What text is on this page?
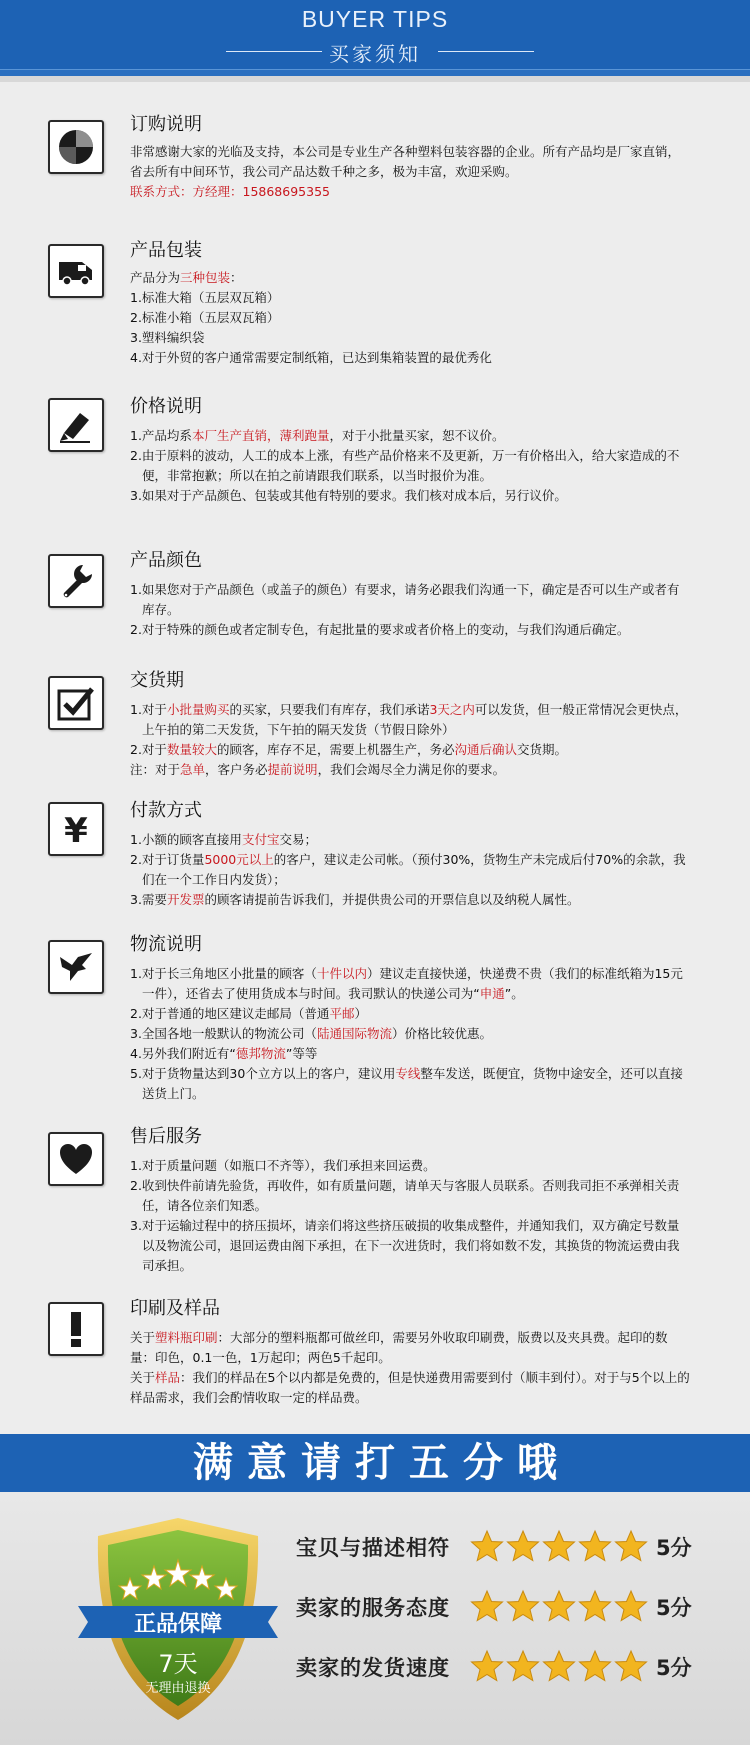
BUYER TIPS
买家须知
订购说明

非常感谢大家的光临及支持，本公司是专业生产各种塑料包装容器的企业。所有产品均是厂家直销，省去所有中间环节，我公司产品达数千种之多，极为丰富，欢迎采购。

联系方式：方经理：15868695355

产品包装

产品分为三种包装：

1.标准大箱（五层双瓦箱）

2.标准小箱（五层双瓦箱）

3.塑料编织袋

4.对于外贸的客户通常需要定制纸箱，已达到集箱装置的最优秀化

价格说明

1.产品均系本厂生产直销，薄利跑量，对于小批量买家，恕不议价。

2.由于原料的波动，人工的成本上涨，有些产品价格来不及更新，万一有价格出入，给大家造成的不便，非常抱歉；所以在拍之前请跟我们联系，以当时报价为准。

3.如果对于产品颜色、包装或其他有特别的要求。我们核对成本后，另行议价。

产品颜色

1.如果您对于产品颜色（或盖子的颜色）有要求，请务必跟我们沟通一下，确定是否可以生产或者有库存。

2.对于特殊的颜色或者定制专色，有起批量的要求或者价格上的变动，与我们沟通后确定。

交货期

1.对于小批量购买的买家，只要我们有库存，我们承诺3天之内可以发货，但一般正常情况会更快点，上午拍的第二天发货，下午拍的隔天发货（节假日除外）

2.对于数量较大的顾客，库存不足，需要上机器生产，务必沟通后确认交货期。

注：对于急单，客户务必提前说明，我们会竭尽全力满足你的要求。

¥
付款方式

1.小额的顾客直接用支付宝交易；

2.对于订货量5000元以上的客户，建议走公司帐。（预付30%，货物生产未完成后付70%的余款，我们在一个工作日内发货）；

3.需要开发票的顾客请提前告诉我们，并提供贵公司的开票信息以及纳税人属性。

物流说明

1.对于长三角地区小批量的顾客（十件以内）建议走直接快递，快递费不贵（我们的标准纸箱为15元一件），还省去了使用货成本与时间。我司默认的快递公司为“申通”。

2.对于普通的地区建议走邮局（普通平邮）

3.全国各地一般默认的物流公司（陆通国际物流）价格比较优惠。

4.另外我们附近有“德邦物流”等等

5.对于货物量达到30个立方以上的客户，建议用专线整车发送，既便宜，货物中途安全，还可以直接送货上门。

售后服务

1.对于质量问题（如瓶口不齐等），我们承担来回运费。

2.收到快件前请先验货，再收件，如有质量问题，请单天与客服人员联系。否则我司拒不承弹相关责任，请各位亲们知悉。

3.对于运输过程中的挤压损坏，请亲们将这些挤压破损的收集成整件，并通知我们，双方确定号数量以及物流公司，退回运费由阁下承担，在下一次进货时，我们将如数不发，其换货的物流运费由我司承担。

印刷及样品

关于塑料瓶印刷：大部分的塑料瓶都可做丝印，需要另外收取印刷费，版费以及夹具费。起印的数量：印色，0.1一色，1万起印；两色5千起印。

关于样品：我们的样品在5个以内都是免费的，但是快递费用需要到付（顺丰到付）。对于与5个以上的样品需求，我们会酌情收取一定的样品费。

满意请打五分哦
正品保障
7天
无理由退换
宝贝与描述相符	5分
卖家的服务态度	5分
卖家的发货速度	5分
